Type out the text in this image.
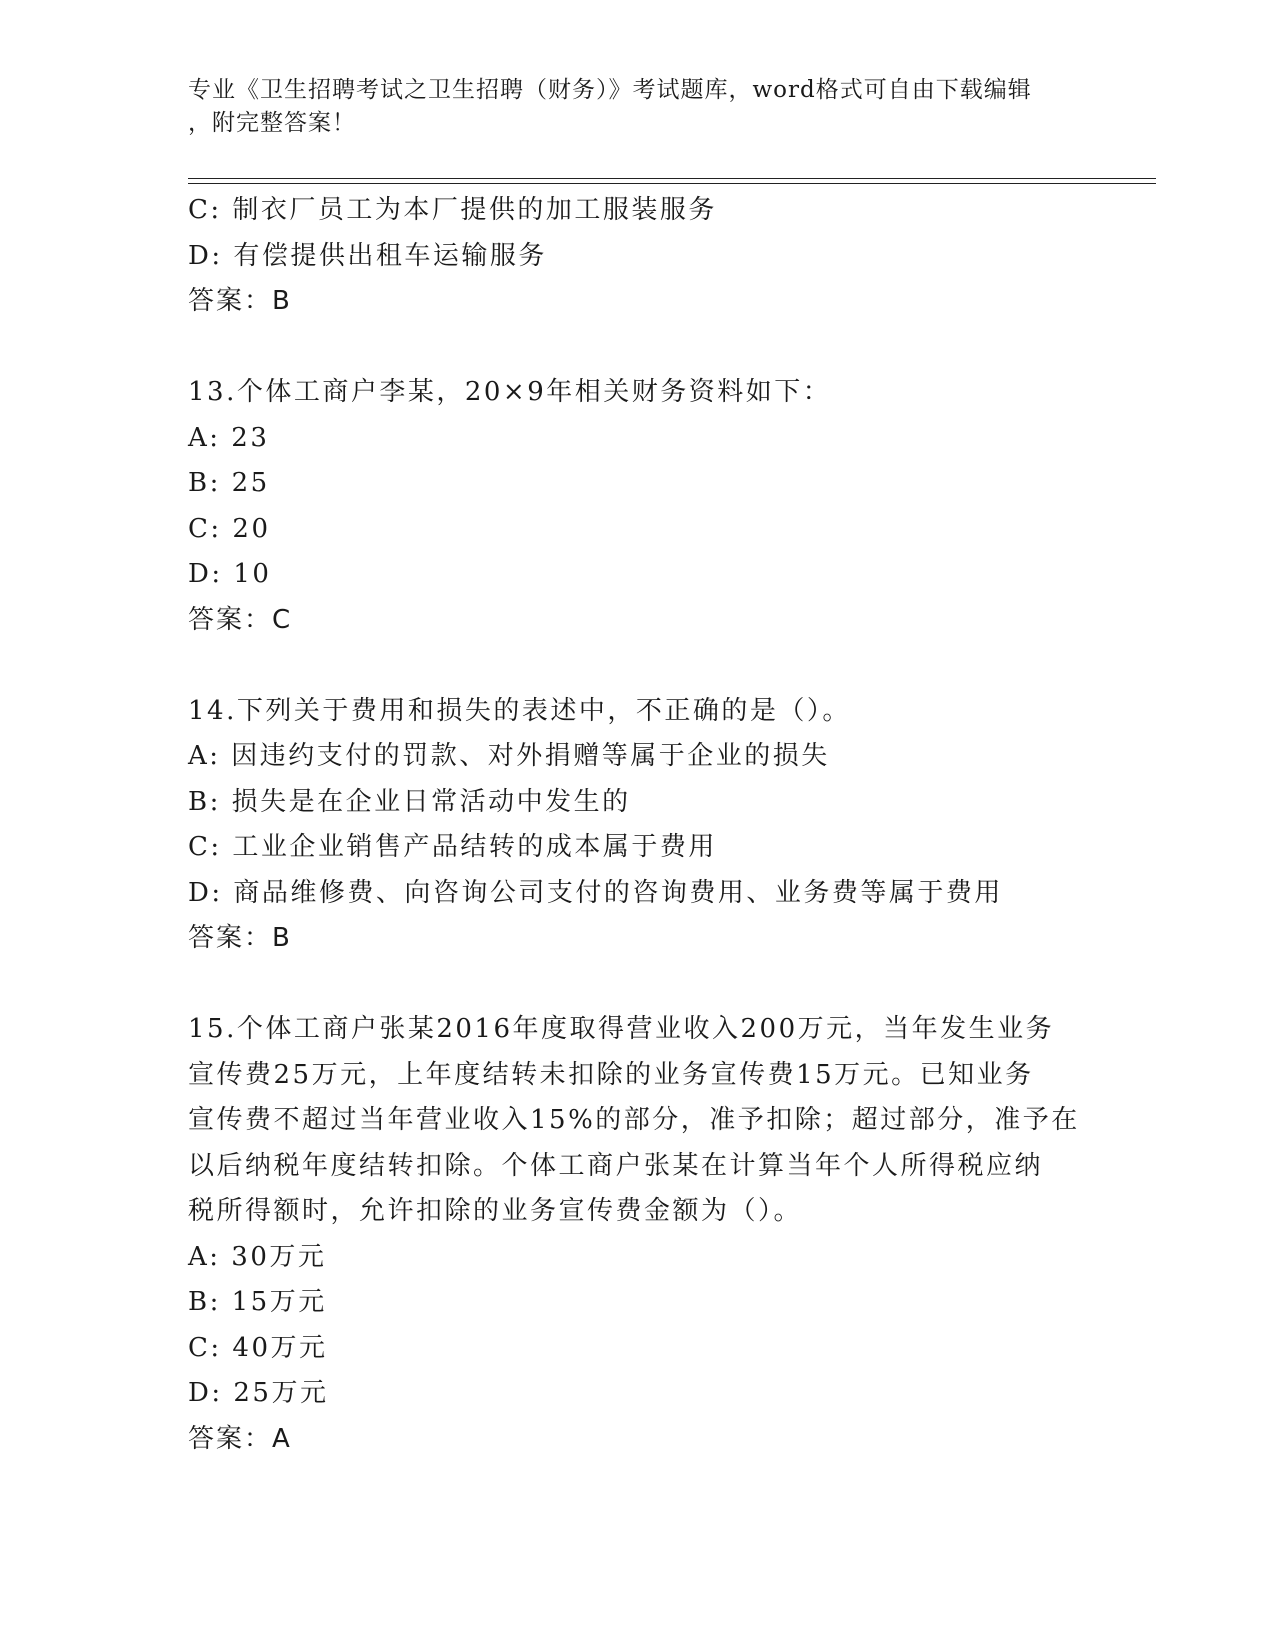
专业《卫生招聘考试之卫生招聘（财务）》考试题库，word格式可自由下载编辑
，附完整答案！
C: 制衣厂员工为本厂提供的加工服装服务
D: 有偿提供出租车运输服务
答案：B
13.个体工商户李某，20×9年相关财务资料如下：
A: 23
B: 25
C: 20
D: 10
答案：C
14.下列关于费用和损失的表述中，不正确的是（）。
A: 因违约支付的罚款、对外捐赠等属于企业的损失
B: 损失是在企业日常活动中发生的
C: 工业企业销售产品结转的成本属于费用
D: 商品维修费、向咨询公司支付的咨询费用、业务费等属于费用
答案：B
15.个体工商户张某2016年度取得营业收入200万元，当年发生业务
宣传费25万元，上年度结转未扣除的业务宣传费15万元。已知业务
宣传费不超过当年营业收入15%的部分，准予扣除；超过部分，准予在
以后纳税年度结转扣除。个体工商户张某在计算当年个人所得税应纳
税所得额时，允许扣除的业务宣传费金额为（）。
A: 30万元
B: 15万元
C: 40万元
D: 25万元
答案：A
